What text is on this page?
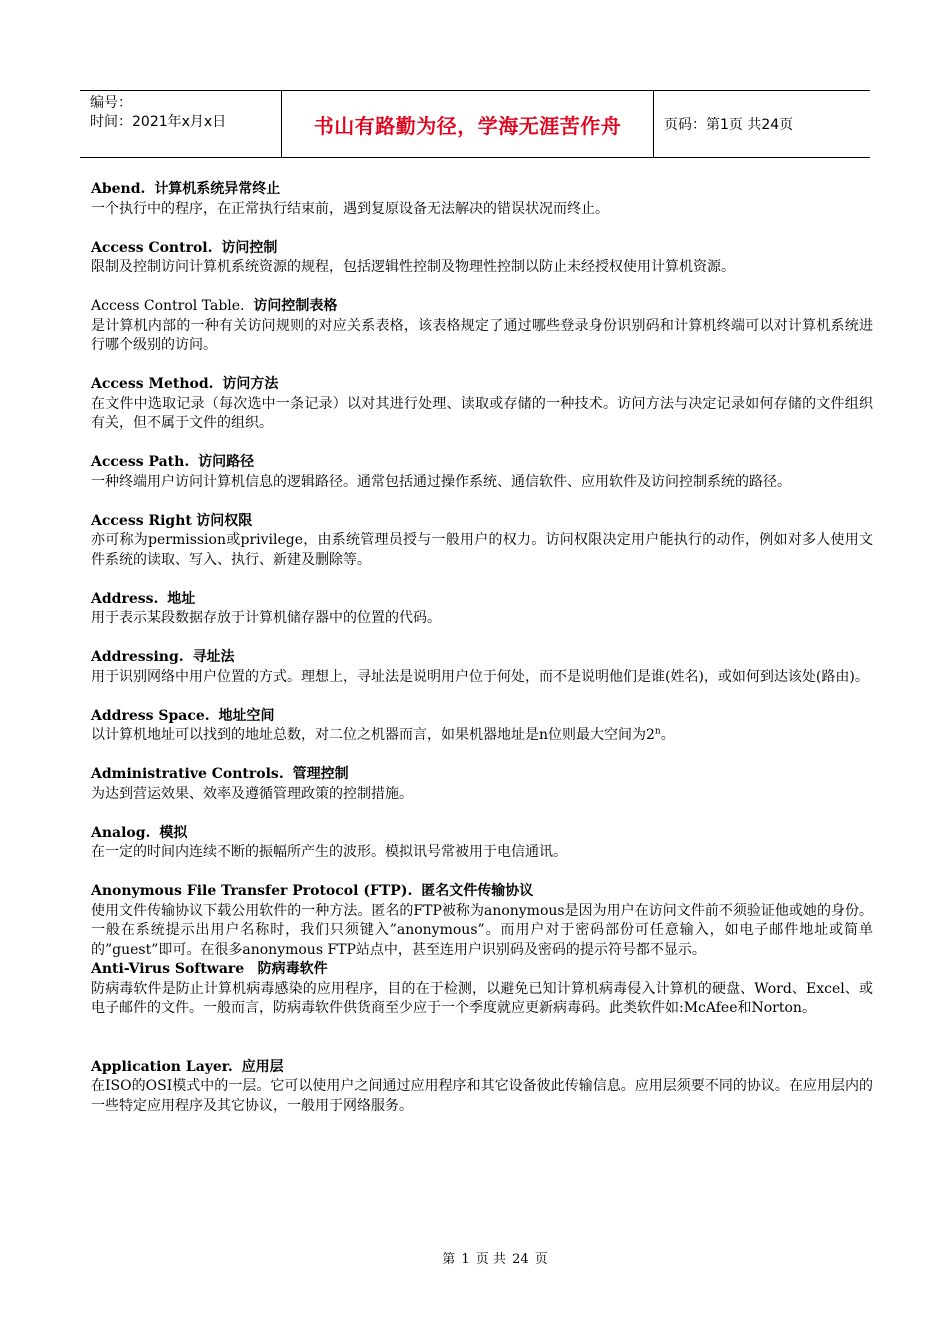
编号：
时间：2021年x月x日	书山有路勤为径，学海无涯苦作舟	页码：第1页 共24页
Abend. 计算机系统异常终止
一个执行中的程序，在正常执行结束前，遇到复原设备无法解决的错误状况而终止。
Access Control. 访问控制
限制及控制访问计算机系统资源的规程，包括逻辑性控制及物理性控制以防止未经授权使用计算机资源。
Access Control Table. 访问控制表格
是计算机内部的一种有关访问规则的对应关系表格，该表格规定了通过哪些登录身份识别码和计算机终端可以对计算机系统进行哪个级别的访问。
Access Method. 访问方法
在文件中选取记录（每次选中一条记录）以对其进行处理、读取或存储的一种技术。访问方法与决定记录如何存储的文件组织有关，但不属于文件的组织。
Access Path. 访问路径
一种终端用户访问计算机信息的逻辑路径。通常包括通过操作系统、通信软件、应用软件及访问控制系统的路径。
Access Right 访问权限
亦可称为permission或privilege，由系统管理员授与一般用户的权力。访问权限决定用户能执行的动作，例如对多人使用文件系统的读取、写入、执行、新建及删除等。
Address. 地址
用于表示某段数据存放于计算机储存器中的位置的代码。
Addressing. 寻址法
用于识别网络中用户位置的方式。理想上，寻址法是说明用户位于何处，而不是说明他们是谁(姓名)，或如何到达该处(路由)。
Address Space. 地址空间
以计算机地址可以找到的地址总数，对二位之机器而言，如果机器地址是n位则最大空间为2$^n$。
Administrative Controls. 管理控制
为达到营运效果、效率及遵循管理政策的控制措施。
Analog. 模拟
在一定的时间内连续不断的振幅所产生的波形。模拟讯号常被用于电信通讯。
Anonymous File Transfer Protocol (FTP). 匿名文件传输协议
使用文件传输协议下载公用软件的一种方法。匿名的FTP被称为anonymous是因为用户在访问文件前不须验证他或她的身份。一般在系统提示出用户名称时，我们只须键入”anonymous”。而用户对于密码部份可任意输入，如电子邮件地址或简单的”guest”即可。在很多anonymous FTP站点中，甚至连用户识别码及密码的提示符号都不显示。
Anti-Virus Software 防病毒软件
防病毒软件是防止计算机病毒感染的应用程序，目的在于检测，以避免已知计算机病毒侵入计算机的硬盘、Word、Excel、或电子邮件的文件。一般而言，防病毒软件供货商至少应于一个季度就应更新病毒码。此类软件如:McAfee和Norton。
Application Layer. 应用层
在ISO的OSI模式中的一层。它可以使用户之间通过应用程序和其它设备彼此传输信息。应用层须要不同的协议。在应用层内的一些特定应用程序及其它协议，一般用于网络服务。
第 1 页 共 24 页
